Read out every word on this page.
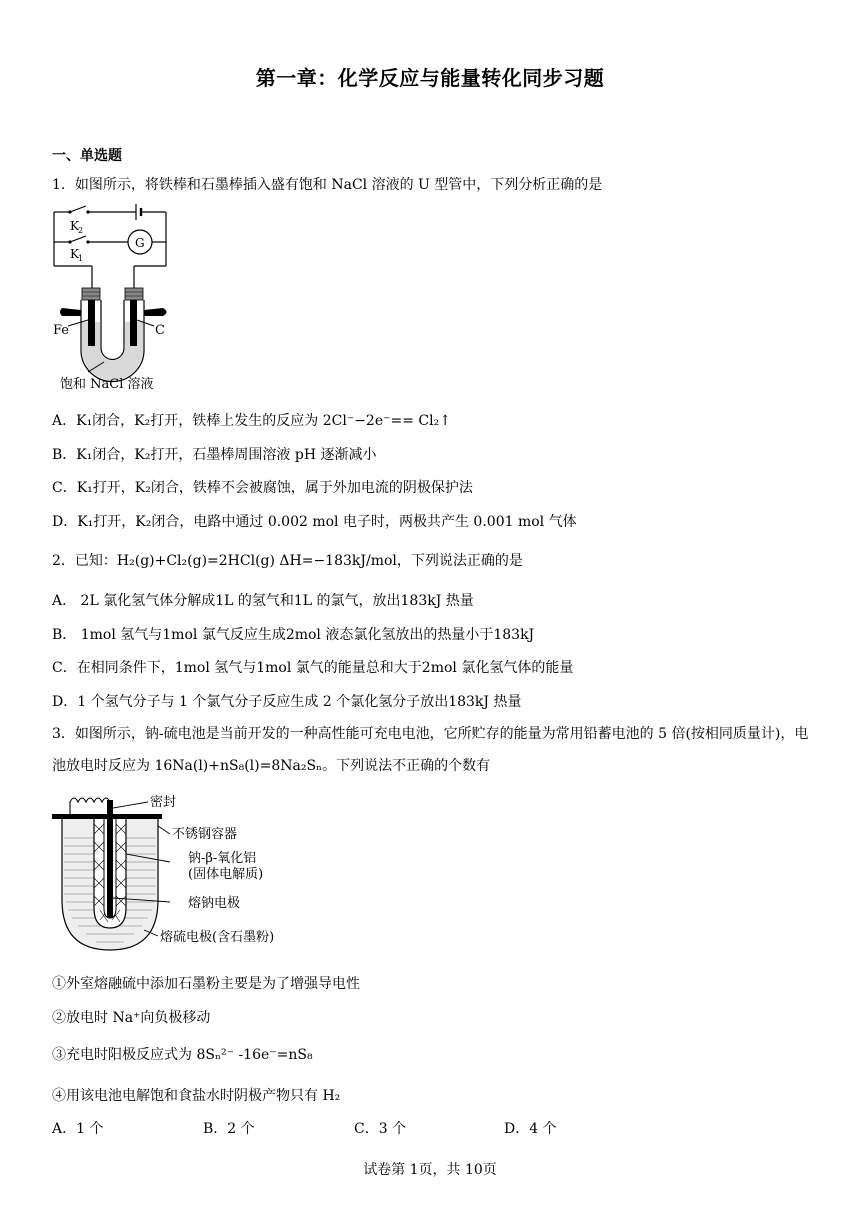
第一章：化学反应与能量转化同步习题
一、单选题
1．如图所示，将铁棒和石墨棒插入盛有饱和 NaCl 溶液的 U 型管中，下列分析正确的是
K 2
K 1
G
Fe	C
饱和 NaCl 溶液
A．K₁闭合，K₂打开，铁棒上发生的反应为 2Cl⁻−2e⁻== Cl₂↑
B．K₁闭合，K₂打开，石墨棒周围溶液 pH 逐渐减小
C．K₁打开，K₂闭合，铁棒不会被腐蚀，属于外加电流的阴极保护法
D．K₁打开，K₂闭合，电路中通过 0.002 mol 电子时，两极共产生 0.001 mol 气体
2．已知：H₂(g)+Cl₂(g)=2HCl(g) ΔH=−183kJ/mol，下列说法正确的是
A． 2L 氯化氢气体分解成1L 的氢气和1L 的氯气，放出183kJ 热量
B． 1mol 氢气与1mol 氯气反应生成2mol 液态氯化氢放出的热量小于183kJ
C．在相同条件下，1mol 氢气与1mol 氯气的能量总和大于2mol 氯化氢气体的能量
D．1 个氢气分子与 1 个氯气分子反应生成 2 个氯化氢分子放出183kJ 热量
3．如图所示，钠-硫电池是当前开发的一种高性能可充电电池，它所贮存的能量为常用铅蓄电池的 5 倍(按相同质量计)，电池放电时反应为 16Na(l)+nS₈(l)=8Na₂Sₙ。下列说法不正确的个数有
密封
不锈钢容器
钠-β-氧化铝
(固体电解质)
熔钠电极
熔硫电极(含石墨粉)
①外室熔融硫中添加石墨粉主要是为了增强导电性
②放电时 Na⁺向负极移动
③充电时阳极反应式为 8Sₙ²⁻ -16e⁻=nS₈
④用该电池电解饱和食盐水时阴极产物只有 H₂
A．1 个	B．2 个	C．3 个	D．4 个
试卷第 1页，共 10页
